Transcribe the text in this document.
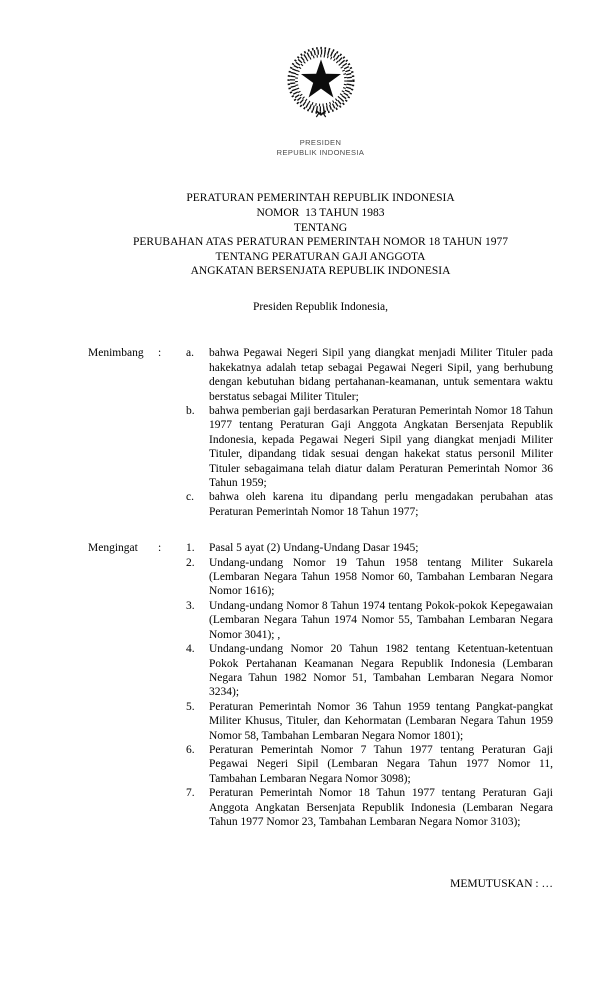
PRESIDEN
REPUBLIK INDONESIA
PERATURAN PEMERINTAH REPUBLIK INDONESIA
NOMOR  13 TAHUN 1983
TENTANG
PERUBAHAN ATAS PERATURAN PEMERINTAH NOMOR 18 TAHUN 1977
TENTANG PERATURAN GAJI ANGGOTA
ANGKATAN BERSENJATA REPUBLIK INDONESIA
Presiden Republik Indonesia,
Menimbang	:	a.	bahwa Pegawai Negeri Sipil yang diangkat menjadi Militer Tituler pada hakekatnya adalah tetap sebagai Pegawai Negeri Sipil, yang berhubung dengan kebutuhan bidang pertahanan-keamanan, untuk sementara waktu berstatus sebagai Militer Tituler;
b.	bahwa pemberian gaji berdasarkan Peraturan Pemerintah Nomor 18 Tahun 1977 tentang Peraturan Gaji Anggota Angkatan Bersenjata Republik Indonesia, kepada Pegawai Negeri Sipil yang diangkat menjadi Militer Tituler, dipandang tidak sesuai dengan hakekat status personil Militer Tituler sebagaimana telah diatur dalam Peraturan Pemerintah Nomor 36 Tahun 1959;
c.	bahwa oleh karena itu dipandang perlu mengadakan perubahan atas Peraturan Pemerintah Nomor 18 Tahun 1977;
Mengingat	:	1.	Pasal 5 ayat (2) Undang-Undang Dasar 1945;
2.	Undang-undang Nomor 19 Tahun 1958 tentang Militer Sukarela (Lembaran Negara Tahun 1958 Nomor 60, Tambahan Lembaran Negara Nomor 1616);
3.	Undang-undang Nomor 8 Tahun 1974 tentang Pokok-pokok Kepegawaian (Lembaran Negara Tahun 1974 Nomor 55, Tambahan Lembaran Negara Nomor 3041); ,
4.	Undang-undang Nomor 20 Tahun 1982 tentang Ketentuan-ketentuan Pokok Pertahanan Keamanan Negara Republik Indonesia (Lembaran Negara Tahun 1982 Nomor 51, Tambahan Lembaran Negara Nomor 3234);
5.	Peraturan Pemerintah Nomor 36 Tahun 1959 tentang Pangkat-pangkat Militer Khusus, Tituler, dan Kehormatan (Lembaran Negara Tahun 1959 Nomor 58, Tambahan Lembaran Negara Nomor 1801);
6.	Peraturan Pemerintah Nomor 7 Tahun 1977 tentang Peraturan Gaji Pegawai Negeri Sipil (Lembaran Negara Tahun 1977 Nomor 11, Tambahan Lembaran Negara Nomor 3098);
7.	Peraturan Pemerintah Nomor 18 Tahun 1977 tentang Peraturan Gaji Anggota Angkatan Bersenjata Republik Indonesia (Lembaran Negara Tahun 1977 Nomor 23, Tambahan Lembaran Negara Nomor 3103);
MEMUTUSKAN : …
